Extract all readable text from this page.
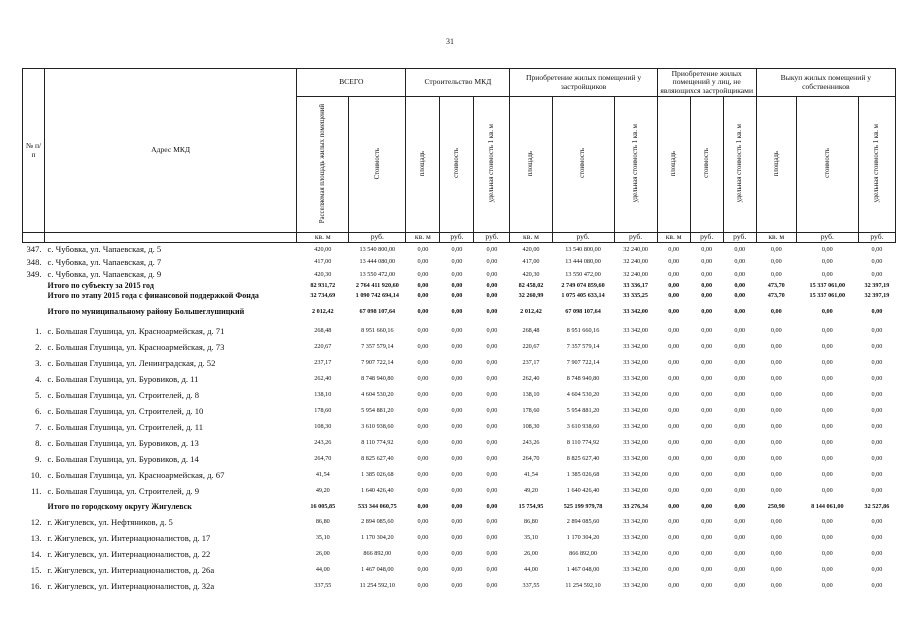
31
№ п/п	Адрес МКД	ВСЕГО		Строительство МКД			Приобретение жилых помещений у застройщиков			Приобретение жилых помещений у лиц, не являющихся застройщиками			Выкуп жилых помещений у собственников		
		Расселяемая площадь жилых помещений	Стоимость	площадь	стоимость	удельная стоимость 1 кв. м	площадь	стоимость	удельная стоимость 1 кв. м	площадь	стоимость	удельная стоимость 1 кв. м	площадь	стоимость	удельная стоимость 1 кв. м
		кв. м	руб.	кв. м	руб.	руб.	кв. м	руб.	руб.	кв. м	руб.	руб.	кв. м	руб.	руб.
347.	с. Чубовка, ул. Чапаевская, д. 5	420,00	13 540 800,00	0,00	0,00	0,00	420,00	13 540 800,00	32 240,00	0,00	0,00	0,00	0,00	0,00	0,00
348.	с. Чубовка, ул. Чапаевская, д. 7	417,00	13 444 080,00	0,00	0,00	0,00	417,00	13 444 080,00	32 240,00	0,00	0,00	0,00	0,00	0,00	0,00
349.	с. Чубовка, ул. Чапаевская, д. 9	420,30	13 550 472,00	0,00	0,00	0,00	420,30	13 550 472,00	32 240,00	0,00	0,00	0,00	0,00	0,00	0,00
	Итого по субъекту за 2015 год	82 931,72	2 764 411 920,60	0,00	0,00	0,00	82 458,02	2 749 074 859,60	33 336,17	0,00	0,00	0,00	473,70	15 337 061,00	32 397,19
	Итого по этапу 2015 года с финансовой поддержкой Фонда	32 734,69	1 090 742 694,14	0,00	0,00	0,00	32 260,99	1 075 405 633,14	33 335,25	0,00	0,00	0,00	473,70	15 337 061,00	32 397,19
	Итого по муниципальному району Большеглушицкий	2 012,42	67 098 107,64	0,00	0,00	0,00	2 012,42	67 098 107,64	33 342,00	0,00	0,00	0,00	0,00	0,00	0,00
1.	с. Большая Глушица, ул. Красноармейская, д. 71	268,48	8 951 660,16	0,00	0,00	0,00	268,48	8 951 660,16	33 342,00	0,00	0,00	0,00	0,00	0,00	0,00
2.	с. Большая Глушица, ул. Красноармейская, д. 73	220,67	7 357 579,14	0,00	0,00	0,00	220,67	7 357 579,14	33 342,00	0,00	0,00	0,00	0,00	0,00	0,00
3.	с. Большая Глушица, ул. Ленинградская, д. 52	237,17	7 907 722,14	0,00	0,00	0,00	237,17	7 907 722,14	33 342,00	0,00	0,00	0,00	0,00	0,00	0,00
4.	с. Большая Глушица, ул. Буровиков, д. 11	262,40	8 748 940,80	0,00	0,00	0,00	262,40	8 748 940,80	33 342,00	0,00	0,00	0,00	0,00	0,00	0,00
5.	с. Большая Глушица, ул. Строителей, д. 8	138,10	4 604 530,20	0,00	0,00	0,00	138,10	4 604 530,20	33 342,00	0,00	0,00	0,00	0,00	0,00	0,00
6.	с. Большая Глушица, ул. Строителей, д. 10	178,60	5 954 881,20	0,00	0,00	0,00	178,60	5 954 881,20	33 342,00	0,00	0,00	0,00	0,00	0,00	0,00
7.	с. Большая Глушица, ул. Строителей, д. 11	108,30	3 610 938,60	0,00	0,00	0,00	108,30	3 610 938,60	33 342,00	0,00	0,00	0,00	0,00	0,00	0,00
8.	с. Большая Глушица, ул. Буровиков, д. 13	243,26	8 110 774,92	0,00	0,00	0,00	243,26	8 110 774,92	33 342,00	0,00	0,00	0,00	0,00	0,00	0,00
9.	с. Большая Глушица, ул. Буровиков, д. 14	264,70	8 825 627,40	0,00	0,00	0,00	264,70	8 825 627,40	33 342,00	0,00	0,00	0,00	0,00	0,00	0,00
10.	с. Большая Глушица, ул. Красноармейская, д. 67	41,54	1 385 026,68	0,00	0,00	0,00	41,54	1 385 026,68	33 342,00	0,00	0,00	0,00	0,00	0,00	0,00
11.	с. Большая Глушица, ул. Строителей, д. 9	49,20	1 640 426,40	0,00	0,00	0,00	49,20	1 640 426,40	33 342,00	0,00	0,00	0,00	0,00	0,00	0,00
	Итого по городскому округу Жигулевск	16 005,85	533 344 060,75	0,00	0,00	0,00	15 754,95	525 199 979,78	33 276,34	0,00	0,00	0,00	250,90	8 144 061,00	32 527,86
12.	г. Жигулевск, ул. Нефтяников, д. 5	86,80	2 894 085,60	0,00	0,00	0,00	86,80	2 894 085,60	33 342,00	0,00	0,00	0,00	0,00	0,00	0,00
13.	г. Жигулевск, ул. Интернационалистов, д. 17	35,10	1 170 304,20	0,00	0,00	0,00	35,10	1 170 304,20	33 342,00	0,00	0,00	0,00	0,00	0,00	0,00
14.	г. Жигулевск, ул. Интернационалистов, д. 22	26,00	866 892,00	0,00	0,00	0,00	26,00	866 892,00	33 342,00	0,00	0,00	0,00	0,00	0,00	0,00
15.	г. Жигулевск, ул. Интернационалистов, д. 26а	44,00	1 467 048,00	0,00	0,00	0,00	44,00	1 467 048,00	33 342,00	0,00	0,00	0,00	0,00	0,00	0,00
16.	г. Жигулевск, ул. Интернационалистов, д. 32а	337,55	11 254 592,10	0,00	0,00	0,00	337,55	11 254 592,10	33 342,00	0,00	0,00	0,00	0,00	0,00	0,00
